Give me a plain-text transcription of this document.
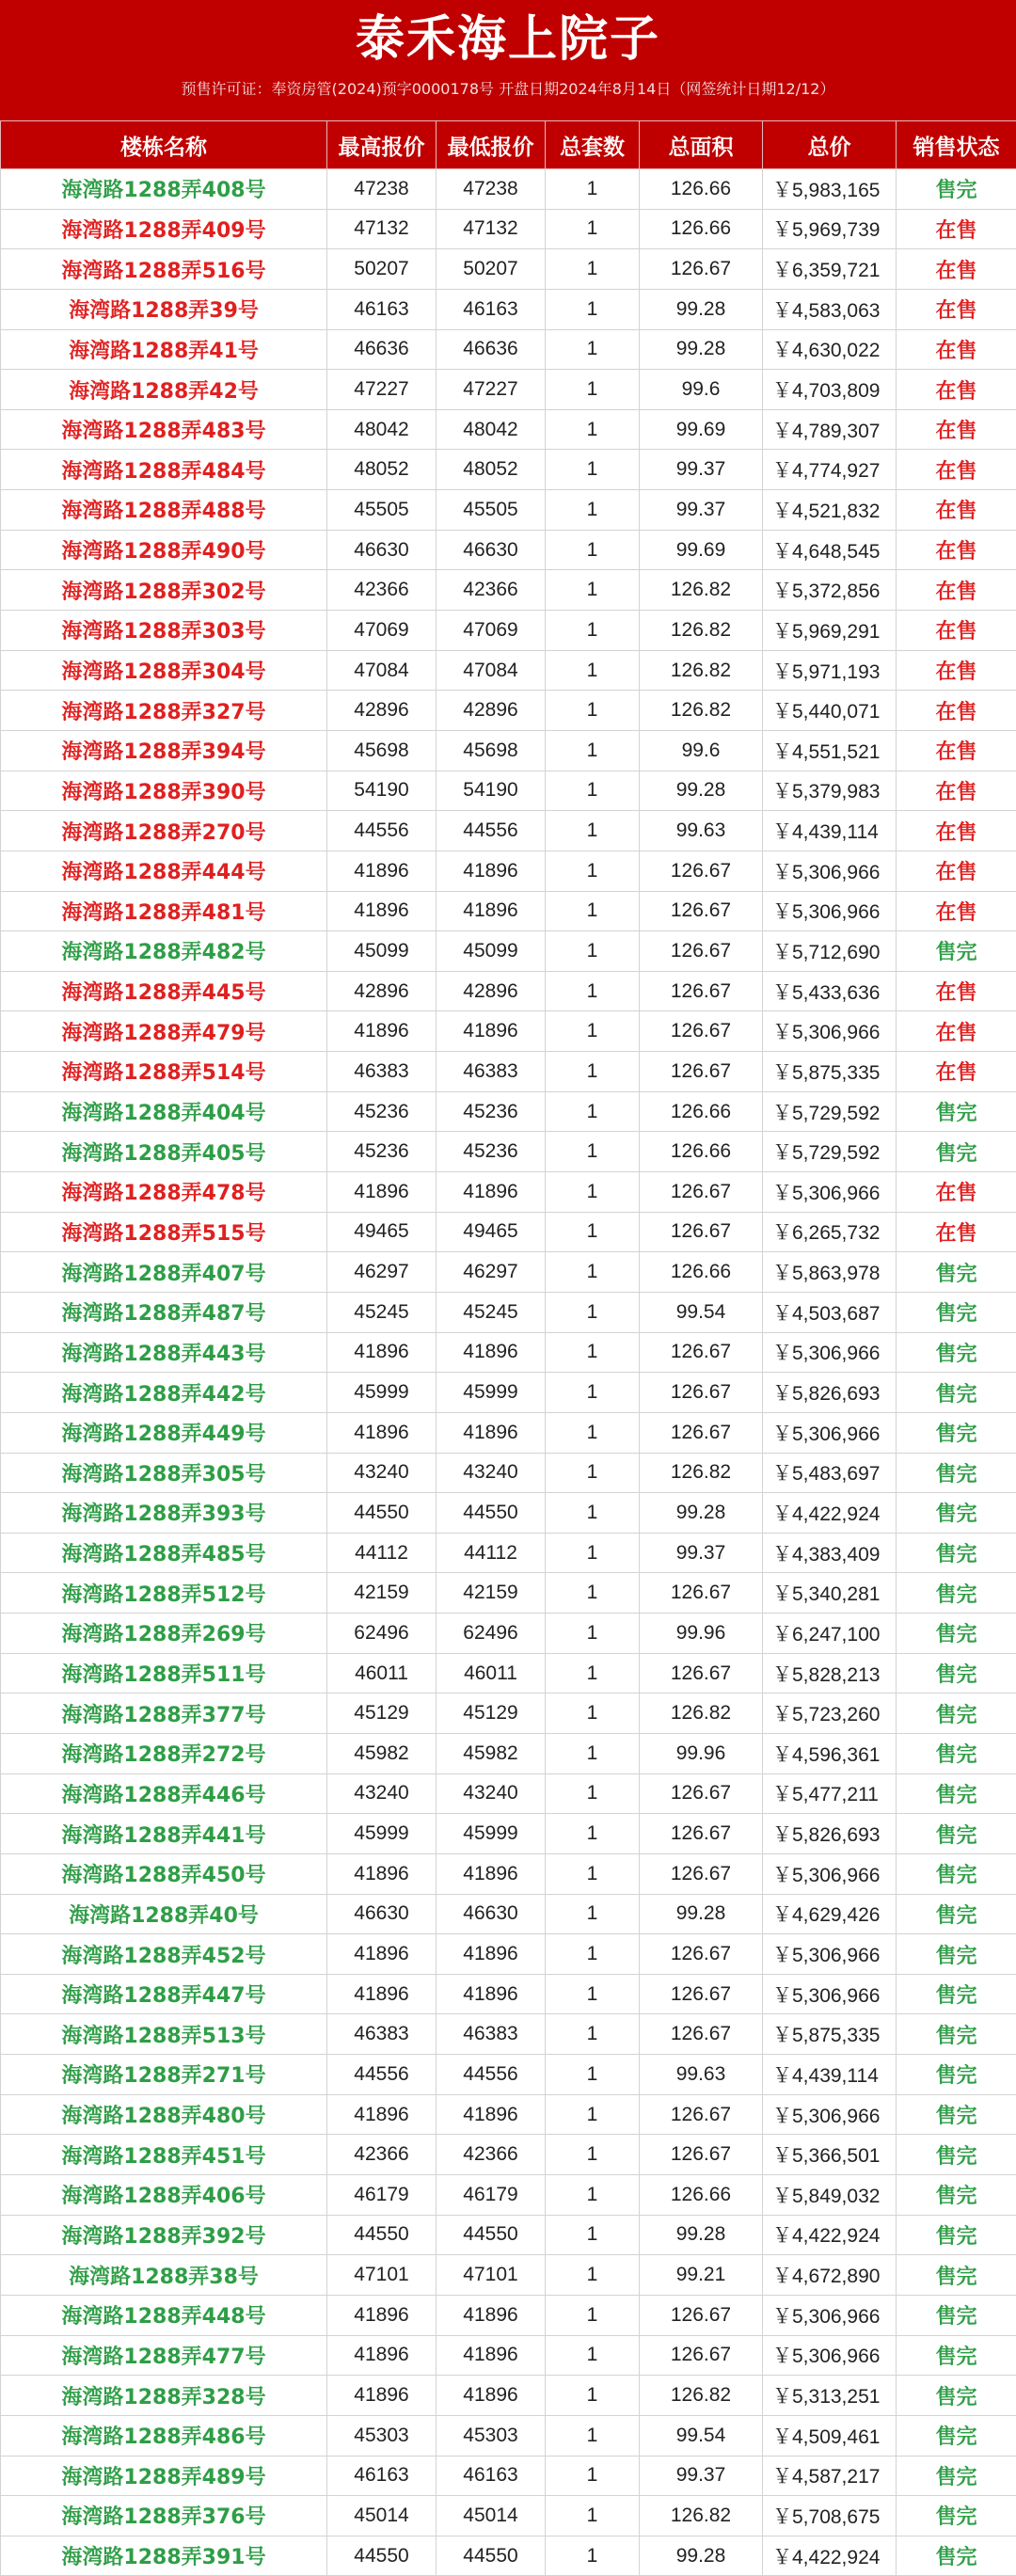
泰禾海上院子
预售许可证：奉资房管(2024)预字0000178号 开盘日期2024年8月14日（网签统计日期12/12）
楼栋名称	最高报价	最低报价	总套数	总面积	总价	销售状态
海湾路1288弄408号	47238	47238	1	126.66	￥5,983,165	售完
海湾路1288弄409号	47132	47132	1	126.66	￥5,969,739	在售
海湾路1288弄516号	50207	50207	1	126.67	￥6,359,721	在售
海湾路1288弄39号	46163	46163	1	99.28	￥4,583,063	在售
海湾路1288弄41号	46636	46636	1	99.28	￥4,630,022	在售
海湾路1288弄42号	47227	47227	1	99.6	￥4,703,809	在售
海湾路1288弄483号	48042	48042	1	99.69	￥4,789,307	在售
海湾路1288弄484号	48052	48052	1	99.37	￥4,774,927	在售
海湾路1288弄488号	45505	45505	1	99.37	￥4,521,832	在售
海湾路1288弄490号	46630	46630	1	99.69	￥4,648,545	在售
海湾路1288弄302号	42366	42366	1	126.82	￥5,372,856	在售
海湾路1288弄303号	47069	47069	1	126.82	￥5,969,291	在售
海湾路1288弄304号	47084	47084	1	126.82	￥5,971,193	在售
海湾路1288弄327号	42896	42896	1	126.82	￥5,440,071	在售
海湾路1288弄394号	45698	45698	1	99.6	￥4,551,521	在售
海湾路1288弄390号	54190	54190	1	99.28	￥5,379,983	在售
海湾路1288弄270号	44556	44556	1	99.63	￥4,439,114	在售
海湾路1288弄444号	41896	41896	1	126.67	￥5,306,966	在售
海湾路1288弄481号	41896	41896	1	126.67	￥5,306,966	在售
海湾路1288弄482号	45099	45099	1	126.67	￥5,712,690	售完
海湾路1288弄445号	42896	42896	1	126.67	￥5,433,636	在售
海湾路1288弄479号	41896	41896	1	126.67	￥5,306,966	在售
海湾路1288弄514号	46383	46383	1	126.67	￥5,875,335	在售
海湾路1288弄404号	45236	45236	1	126.66	￥5,729,592	售完
海湾路1288弄405号	45236	45236	1	126.66	￥5,729,592	售完
海湾路1288弄478号	41896	41896	1	126.67	￥5,306,966	在售
海湾路1288弄515号	49465	49465	1	126.67	￥6,265,732	在售
海湾路1288弄407号	46297	46297	1	126.66	￥5,863,978	售完
海湾路1288弄487号	45245	45245	1	99.54	￥4,503,687	售完
海湾路1288弄443号	41896	41896	1	126.67	￥5,306,966	售完
海湾路1288弄442号	45999	45999	1	126.67	￥5,826,693	售完
海湾路1288弄449号	41896	41896	1	126.67	￥5,306,966	售完
海湾路1288弄305号	43240	43240	1	126.82	￥5,483,697	售完
海湾路1288弄393号	44550	44550	1	99.28	￥4,422,924	售完
海湾路1288弄485号	44112	44112	1	99.37	￥4,383,409	售完
海湾路1288弄512号	42159	42159	1	126.67	￥5,340,281	售完
海湾路1288弄269号	62496	62496	1	99.96	￥6,247,100	售完
海湾路1288弄511号	46011	46011	1	126.67	￥5,828,213	售完
海湾路1288弄377号	45129	45129	1	126.82	￥5,723,260	售完
海湾路1288弄272号	45982	45982	1	99.96	￥4,596,361	售完
海湾路1288弄446号	43240	43240	1	126.67	￥5,477,211	售完
海湾路1288弄441号	45999	45999	1	126.67	￥5,826,693	售完
海湾路1288弄450号	41896	41896	1	126.67	￥5,306,966	售完
海湾路1288弄40号	46630	46630	1	99.28	￥4,629,426	售完
海湾路1288弄452号	41896	41896	1	126.67	￥5,306,966	售完
海湾路1288弄447号	41896	41896	1	126.67	￥5,306,966	售完
海湾路1288弄513号	46383	46383	1	126.67	￥5,875,335	售完
海湾路1288弄271号	44556	44556	1	99.63	￥4,439,114	售完
海湾路1288弄480号	41896	41896	1	126.67	￥5,306,966	售完
海湾路1288弄451号	42366	42366	1	126.67	￥5,366,501	售完
海湾路1288弄406号	46179	46179	1	126.66	￥5,849,032	售完
海湾路1288弄392号	44550	44550	1	99.28	￥4,422,924	售完
海湾路1288弄38号	47101	47101	1	99.21	￥4,672,890	售完
海湾路1288弄448号	41896	41896	1	126.67	￥5,306,966	售完
海湾路1288弄477号	41896	41896	1	126.67	￥5,306,966	售完
海湾路1288弄328号	41896	41896	1	126.82	￥5,313,251	售完
海湾路1288弄486号	45303	45303	1	99.54	￥4,509,461	售完
海湾路1288弄489号	46163	46163	1	99.37	￥4,587,217	售完
海湾路1288弄376号	45014	45014	1	126.82	￥5,708,675	售完
海湾路1288弄391号	44550	44550	1	99.28	￥4,422,924	售完
